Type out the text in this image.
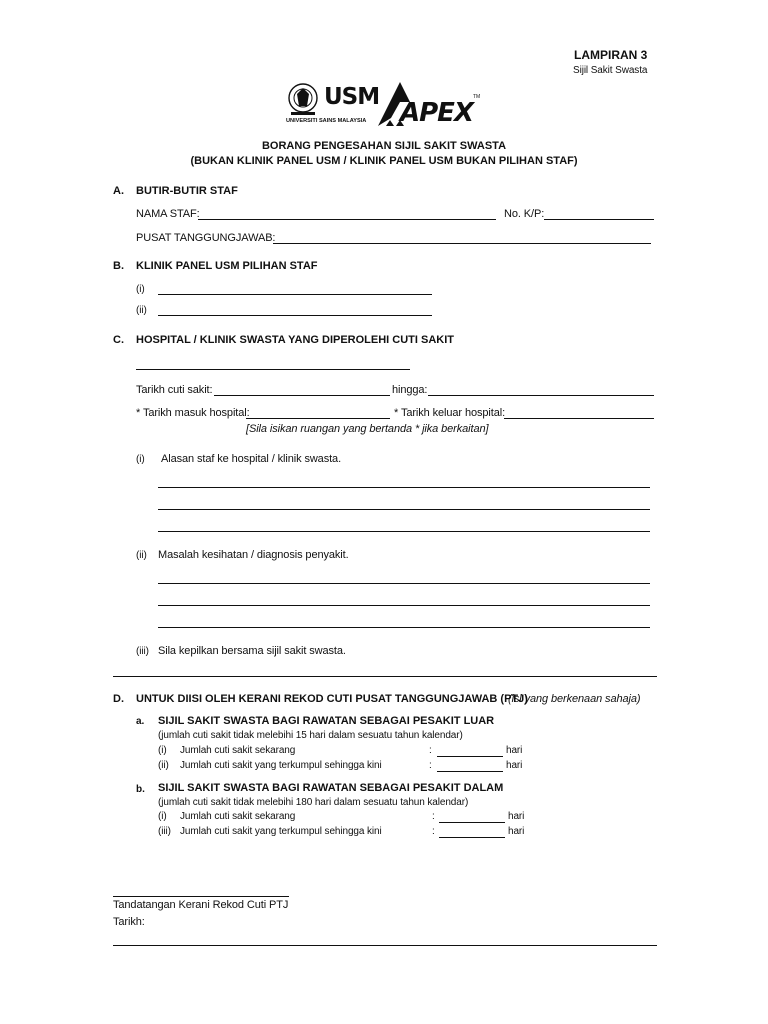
LAMPIRAN 3
Sijil Sakit Swasta
USM
UNIVERSITI SAINS MALAYSIA APEX
TM
BORANG PENGESAHAN SIJIL SAKIT SWASTA
(BUKAN KLINIK PANEL USM / KLINIK PANEL USM BUKAN PILIHAN STAF)
A. BUTIR-BUTIR STAF
NAMA STAF:	No. K/P:
PUSAT TANGGUNGJAWAB:
B. KLINIK PANEL USM PILIHAN STAF
(i)
(ii)
C. HOSPITAL / KLINIK SWASTA YANG DIPEROLEHI CUTI SAKIT
Tarikh cuti sakit:	hingga:
* Tarikh masuk hospital:	* Tarikh keluar hospital:
[Sila isikan ruangan yang bertanda * jika berkaitan]
(i) Alasan staf ke hospital / klinik swasta.
(ii) Masalah kesihatan / diagnosis penyakit.
(iii) Sila kepilkan bersama sijil sakit swasta.
D. UNTUK DIISI OLEH KERANI REKOD CUTI PUSAT TANGGUNGJAWAB (PTJ)
(isi yang berkenaan sahaja)
a. SIJIL SAKIT SWASTA BAGI RAWATAN SEBAGAI PESAKIT LUAR
(jumlah cuti sakit tidak melebihi 15 hari dalam sesuatu tahun kalendar)
(i) Jumlah cuti sakit sekarang	:	hari
(ii) Jumlah cuti sakit yang terkumpul sehingga kini	:	hari
b. SIJIL SAKIT SWASTA BAGI RAWATAN SEBAGAI PESAKIT DALAM
(jumlah cuti sakit tidak melebihi 180 hari dalam sesuatu tahun kalendar)
(i) Jumlah cuti sakit sekarang	:	hari
(iii) Jumlah cuti sakit yang terkumpul sehingga kini	:	hari
Tandatangan Kerani Rekod Cuti PTJ
Tarikh:
